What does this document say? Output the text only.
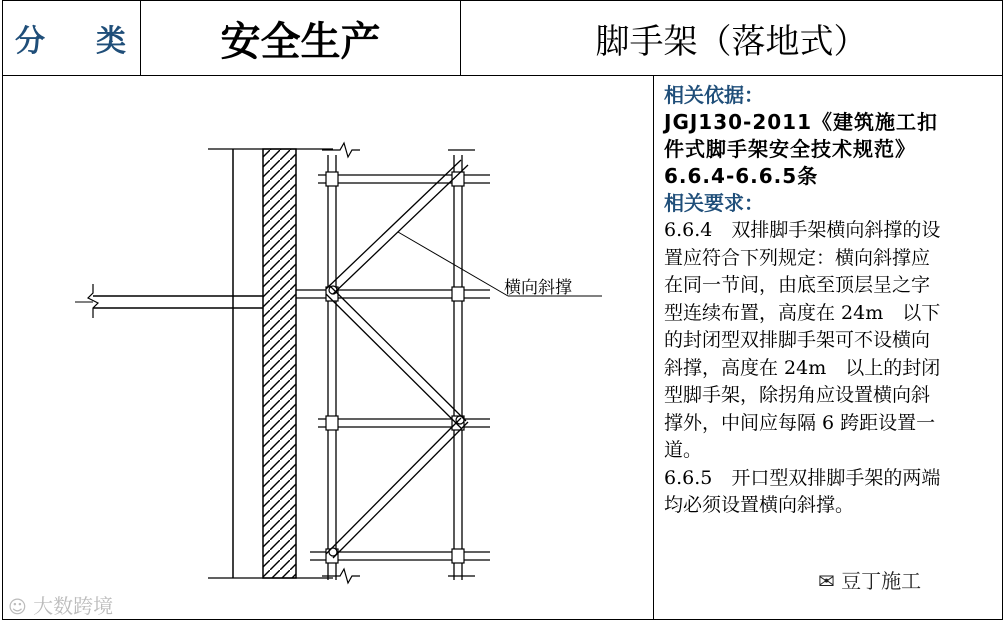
分 类	安全生产	脚手架（落地式）
横向斜撑
相关依据：
JGJ130-2011《建筑施工扣
件式脚手架安全技术规范》
6.6.4-6.6.5条
相关要求：
6.6.4　双排脚手架横向斜撑的设
置应符合下列规定：横向斜撑应
在同一节间，由底至顶层呈之字
型连续布置，高度在 24m　以下
的封闭型双排脚手架可不设横向
斜撑，高度在 24m　以上的封闭
型脚手架，除拐角应设置横向斜
撑外，中间应每隔 6 跨距设置一
道。
6.6.5　开口型双排脚手架的两端
均必须设置横向斜撑。
☺ 大数跨境
✉ 豆丁施工
